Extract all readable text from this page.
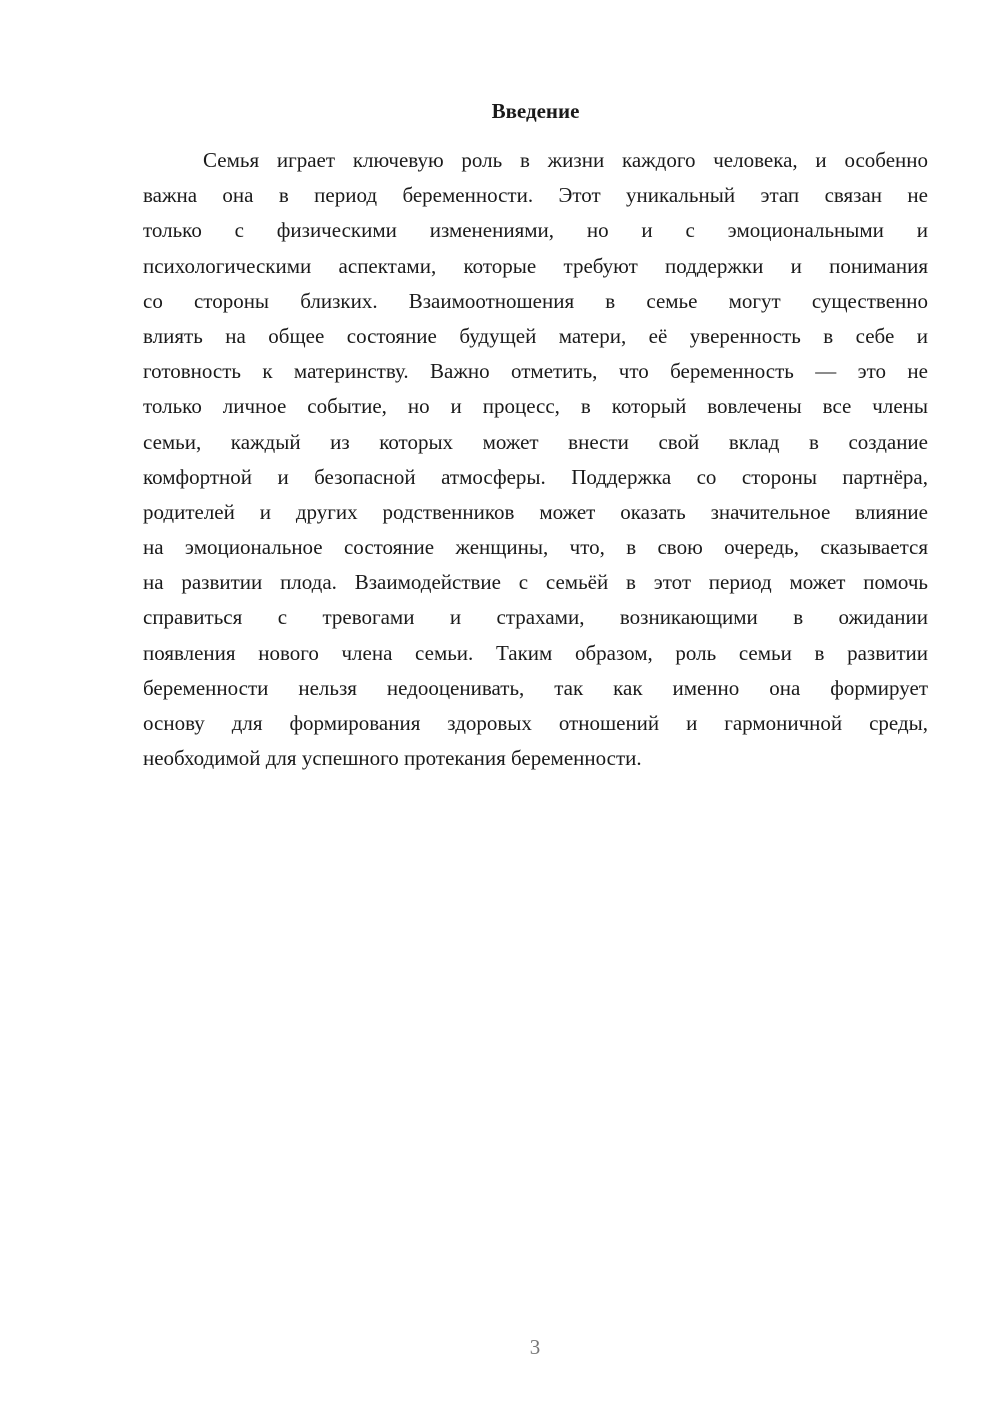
Введение
Семья играет ключевую роль в жизни каждого человека, и особенно
важна она в период беременности. Этот уникальный этап связан не
только с физическими изменениями, но и с эмоциональными и
психологическими аспектами, которые требуют поддержки и понимания
со стороны близких. Взаимоотношения в семье могут существенно
влиять на общее состояние будущей матери, её уверенность в себе и
готовность к материнству. Важно отметить, что беременность — это не
только личное событие, но и процесс, в который вовлечены все члены
семьи, каждый из которых может внести свой вклад в создание
комфортной и безопасной атмосферы. Поддержка со стороны партнёра,
родителей и других родственников может оказать значительное влияние
на эмоциональное состояние женщины, что, в свою очередь, сказывается
на развитии плода. Взаимодействие с семьёй в этот период может помочь
справиться с тревогами и страхами, возникающими в ожидании
появления нового члена семьи. Таким образом, роль семьи в развитии
беременности нельзя недооценивать, так как именно она формирует
основу для формирования здоровых отношений и гармоничной среды,
необходимой для успешного протекания беременности.
3
